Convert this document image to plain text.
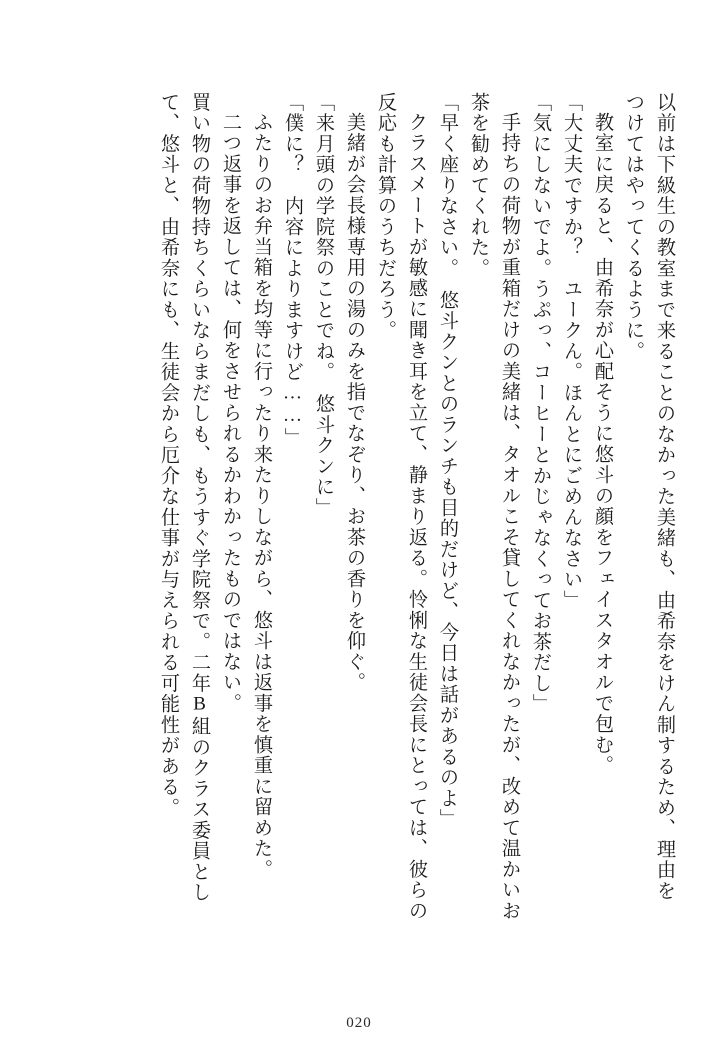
以前は下級生の教室まで来ることのなかった美緒も、由希奈をけん制するため、理由を
つけてはやってくるように。
教室に戻ると、由希奈が心配そうに悠斗の顔をフェイスタオルで包む。
「大丈夫ですか？　ユークん。ほんとにごめんなさい」
「気にしないでよ。うぷっ、コーヒーとかじゃなくってお茶だし」
手持ちの荷物が重箱だけの美緒は、タオルこそ貸してくれなかったが、改めて温かいお
茶を勧めてくれた。
「早く座りなさい。　悠斗クンとのランチも目的だけど、今日は話があるのよ」
クラスメートが敏感に聞き耳を立て、静まり返る。怜悧な生徒会長にとっては、彼らの
反応も計算のうちだろう。
美緒が会長様専用の湯のみを指でなぞり、お茶の香りを仰ぐ。
「来月頭の学院祭のことでね。　悠斗クンに」
「僕に？　内容によりますけど……」
ふたりのお弁当箱を均等に行ったり来たりしながら、悠斗は返事を慎重に留めた。
二つ返事を返しては、何をさせられるかわかったものではない。
買い物の荷物持ちくらいならまだしも、もうすぐ学院祭で。二年B組のクラス委員とし
て、悠斗と、由希奈にも、生徒会から厄介な仕事が与えられる可能性がある。
020
